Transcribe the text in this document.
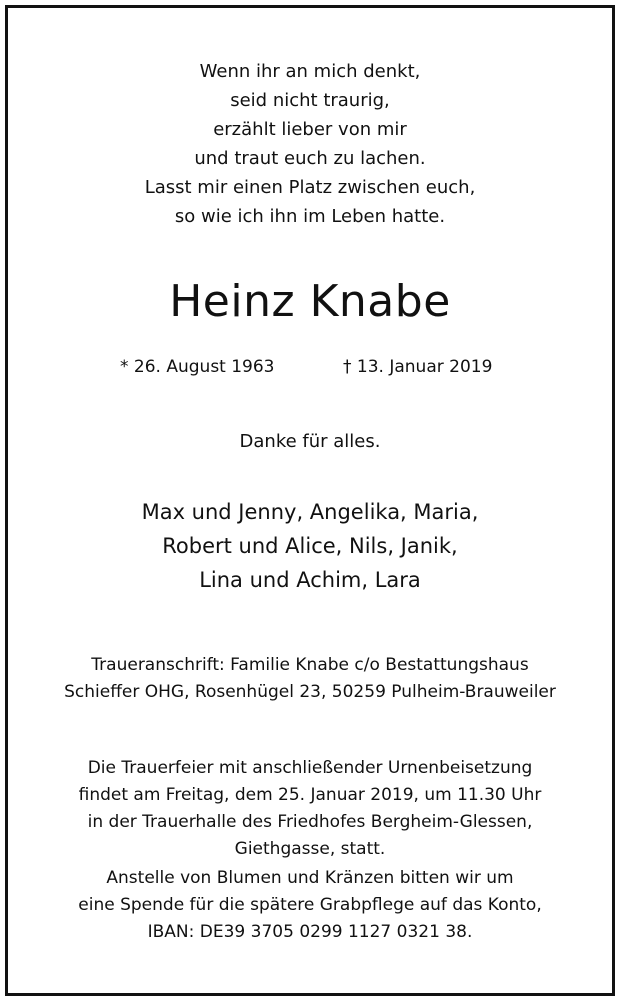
Wenn ihr an mich denkt,
seid nicht traurig,
erzählt lieber von mir
und traut euch zu lachen.
Lasst mir einen Platz zwischen euch,
so wie ich ihn im Leben hatte.

Heinz Knabe
* 26. August 1963	† 13. Januar 2019

Danke für alles.

Max und Jenny, Angelika, Maria,
Robert und Alice, Nils, Janik,
Lina und Achim, Lara

Traueranschrift: Familie Knabe c/o Bestattungshaus
Schieffer OHG, Rosenhügel 23, 50259 Pulheim-Brauweiler

Die Trauerfeier mit anschließender Urnenbeisetzung
findet am Freitag, dem 25. Januar 2019, um 11.30 Uhr
in der Trauerhalle des Friedhofes Bergheim-Glessen,
Giethgasse, statt.

Anstelle von Blumen und Kränzen bitten wir um
eine Spende für die spätere Grabpflege auf das Konto,
IBAN: DE39 3705 0299 1127 0321 38.
